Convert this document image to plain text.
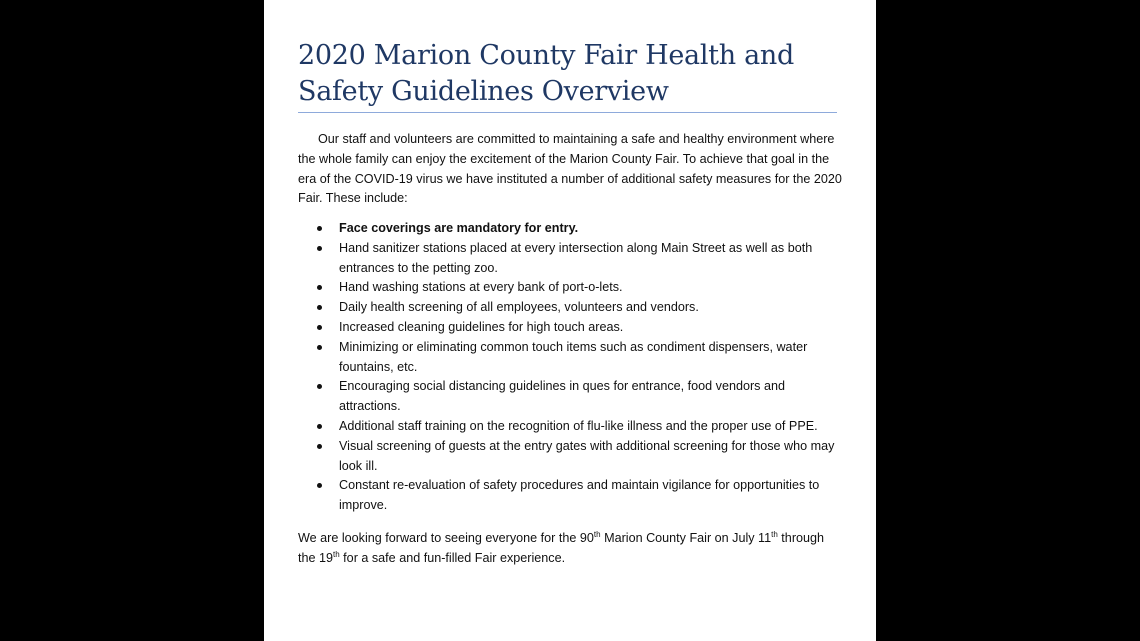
2020 Marion County Fair Health and Safety Guidelines Overview

Our staff and volunteers are committed to maintaining a safe and healthy environment where the whole family can enjoy the excitement of the Marion County Fair. To achieve that goal in the era of the COVID-19 virus we have instituted a number of additional safety measures for the 2020 Fair. These include:

Face coverings are mandatory for entry.
Hand sanitizer stations placed at every intersection along Main Street as well as both entrances to the petting zoo.
Hand washing stations at every bank of port-o-lets.
Daily health screening of all employees, volunteers and vendors.
Increased cleaning guidelines for high touch areas.
Minimizing or eliminating common touch items such as condiment dispensers, water fountains, etc.
Encouraging social distancing guidelines in ques for entrance, food vendors and attractions.
Additional staff training on the recognition of flu-like illness and the proper use of PPE.
Visual screening of guests at the entry gates with additional screening for those who may look ill.
Constant re-evaluation of safety procedures and maintain vigilance for opportunities to improve.

We are looking forward to seeing everyone for the 90th Marion County Fair on July 11th through the 19th for a safe and fun-filled Fair experience.
